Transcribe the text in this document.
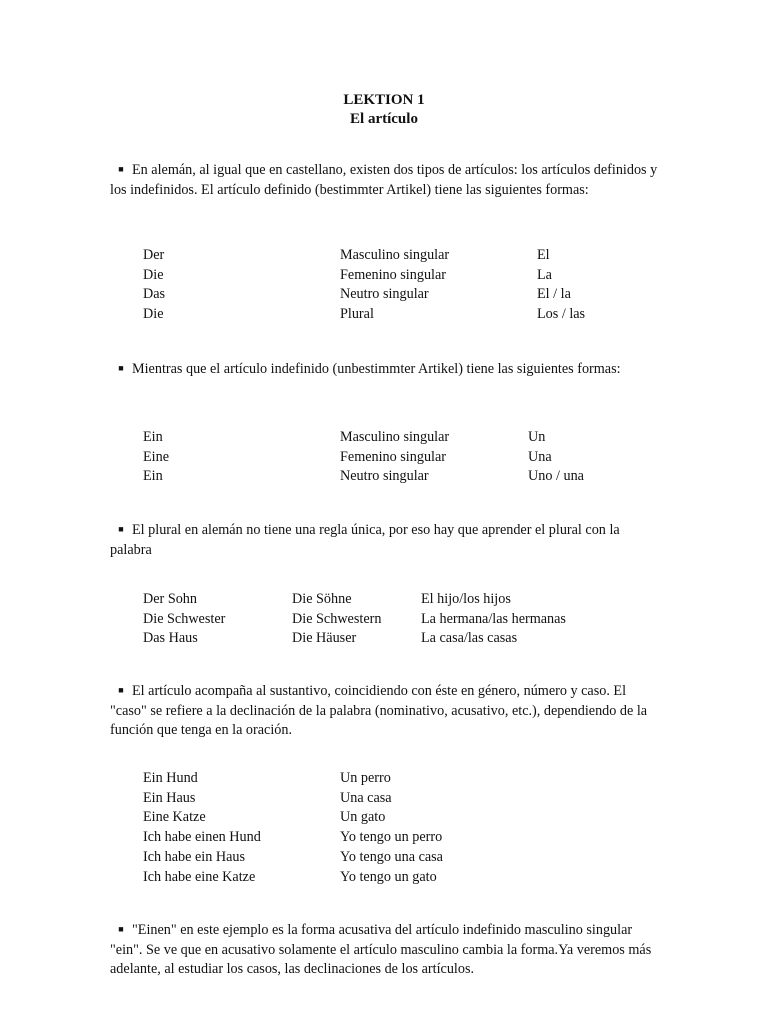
LEKTION 1
El artículo
■ En alemán, al igual que en castellano, existen dos tipos de artículos: los artículos definidos y los indefinidos. El artículo definido (bestimmter Artikel) tiene las siguientes formas:
Der	Masculino singular	El
Die	Femenino singular	La
Das	Neutro singular	El / la
Die	Plural	Los / las
■ Mientras que el artículo indefinido (unbestimmter Artikel) tiene las siguientes formas:
Ein	Masculino singular	Un
Eine	Femenino singular	Una
Ein	Neutro singular	Uno / una
■ El plural en alemán no tiene una regla única, por eso hay que aprender el plural con la palabra
Der Sohn	Die Söhne	El hijo/los hijos
Die Schwester	Die Schwestern	La hermana/las hermanas
Das Haus	Die Häuser	La casa/las casas
■ El artículo acompaña al sustantivo, coincidiendo con éste en género, número y caso. El "caso" se refiere a la declinación de la palabra (nominativo, acusativo, etc.), dependiendo de la función que tenga en la oración.
Ein Hund	Un perro
Ein Haus	Una casa
Eine Katze	Un gato
Ich habe einen Hund	Yo tengo un perro
Ich habe ein Haus	Yo tengo una casa
Ich habe eine Katze	Yo tengo un gato
■ "Einen" en este ejemplo es la forma acusativa del artículo indefinido masculino singular "ein". Se ve que en acusativo solamente el artículo masculino cambia la forma.Ya veremos más adelante, al estudiar los casos, las declinaciones de los artículos.
